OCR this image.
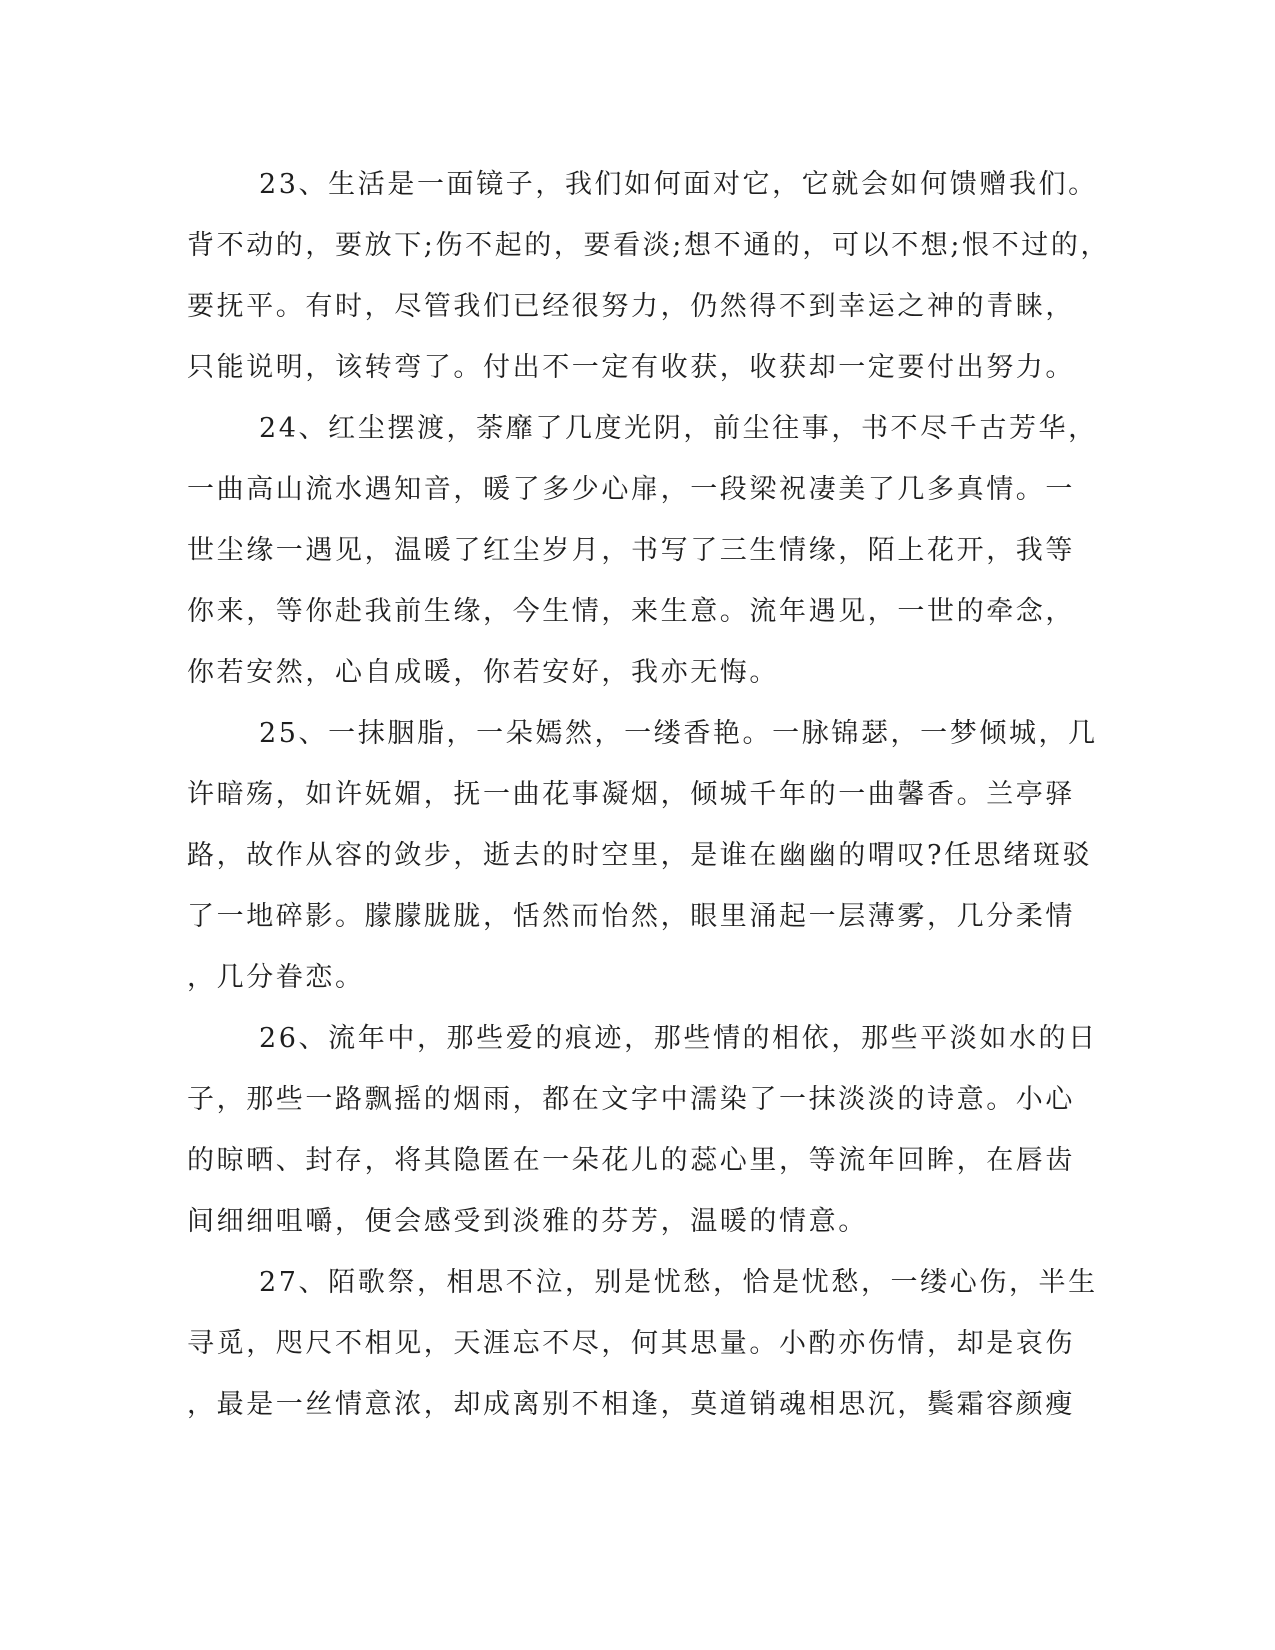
23、生活是一面镜子，我们如何面对它，它就会如何馈赠我们。
背不动的，要放下;伤不起的，要看淡;想不通的，可以不想;恨不过的，
要抚平。有时，尽管我们已经很努力，仍然得不到幸运之神的青睐，
只能说明，该转弯了。付出不一定有收获，收获却一定要付出努力。
24、红尘摆渡，荼靡了几度光阴，前尘往事，书不尽千古芳华，
一曲高山流水遇知音，暖了多少心扉，一段梁祝凄美了几多真情。一
世尘缘一遇见，温暖了红尘岁月，书写了三生情缘，陌上花开，我等
你来，等你赴我前生缘，今生情，来生意。流年遇见，一世的牵念，
你若安然，心自成暖，你若安好，我亦无悔。
25、一抹胭脂，一朵嫣然，一缕香艳。一脉锦瑟，一梦倾城，几
许暗殇，如许妩媚，抚一曲花事凝烟，倾城千年的一曲馨香。兰亭驿
路，故作从容的敛步，逝去的时空里，是谁在幽幽的喟叹?任思绪斑驳
了一地碎影。朦朦胧胧，恬然而怡然，眼里涌起一层薄雾，几分柔情
，几分眷恋。
26、流年中，那些爱的痕迹，那些情的相依，那些平淡如水的日
子，那些一路飘摇的烟雨，都在文字中濡染了一抹淡淡的诗意。小心
的晾晒、封存，将其隐匿在一朵花儿的蕊心里，等流年回眸，在唇齿
间细细咀嚼，便会感受到淡雅的芬芳，温暖的情意。
27、陌歌祭，相思不泣，别是忧愁，恰是忧愁，一缕心伤，半生
寻觅，咫尺不相见，天涯忘不尽，何其思量。小酌亦伤情，却是哀伤
，最是一丝情意浓，却成离别不相逢，莫道销魂相思沉，鬓霜容颜瘦
